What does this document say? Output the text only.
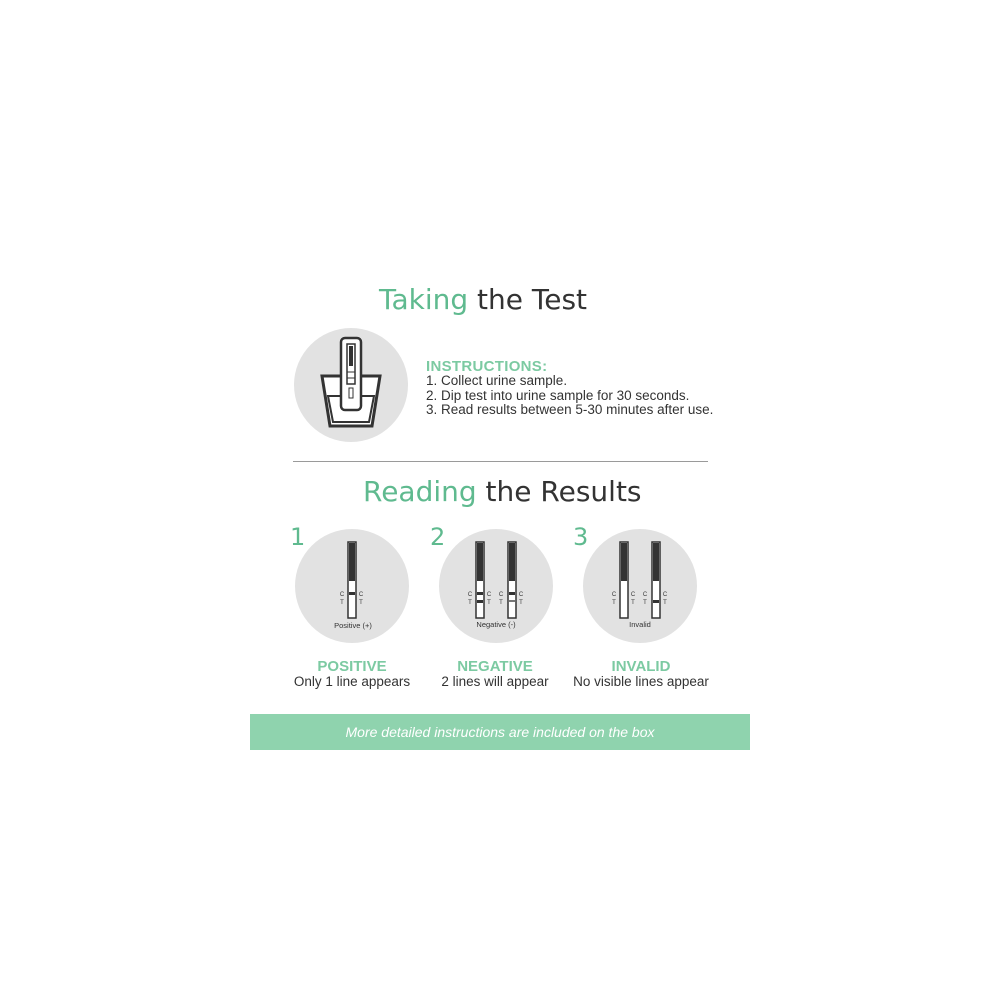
Taking the Test
INSTRUCTIONS:
1. Collect urine sample.
2. Dip test into urine sample for 30 seconds.
3. Read results between 5-30 minutes after use.
Reading the Results
1
C
T
C
T
Positive (+)
POSITIVE
Only 1 line appears
2
C
T
C
T
C
T
C
T
Negative (-)
NEGATIVE
2 lines will appear
3
C
T
C
T
C
T
C
T
Invalid
INVALID
No visible lines appear
More detailed instructions are included on the box
